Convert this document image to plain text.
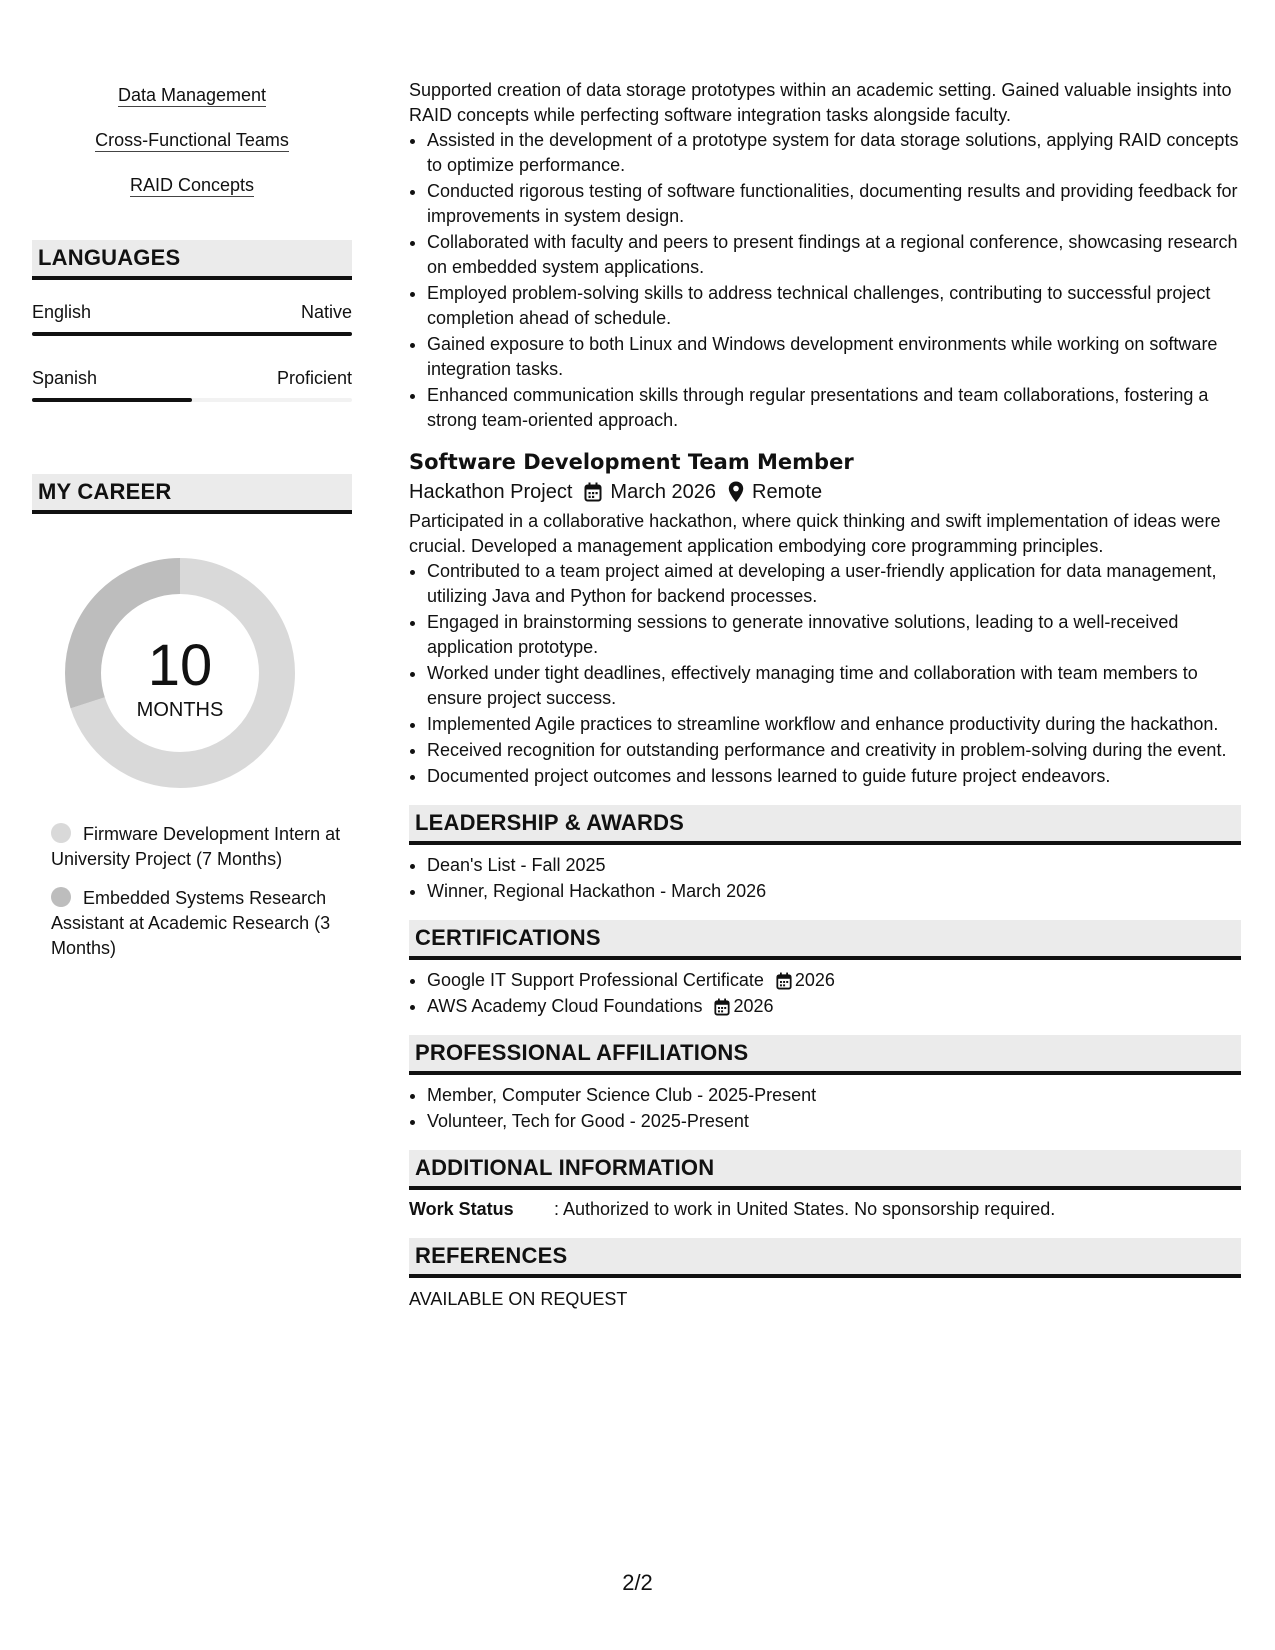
Data Management
Cross-Functional Teams
RAID Concepts
LANGUAGES
English	Native
Spanish	Proficient
MY CAREER
10
MONTHS
Firmware Development Intern at University Project (7 Months)
Embedded Systems Research Assistant at Academic Research (3 Months)
Supported creation of data storage prototypes within an academic setting. Gained valuable insights into RAID concepts while perfecting software integration tasks alongside faculty.
• Assisted in the development of a prototype system for data storage solutions, applying RAID concepts to optimize performance.
• Conducted rigorous testing of software functionalities, documenting results and providing feedback for improvements in system design.
• Collaborated with faculty and peers to present findings at a regional conference, showcasing research on embedded system applications.
• Employed problem-solving skills to address technical challenges, contributing to successful project completion ahead of schedule.
• Gained exposure to both Linux and Windows development environments while working on software integration tasks.
• Enhanced communication skills through regular presentations and team collaborations, fostering a strong team-oriented approach.
Software Development Team Member
Hackathon Project March 2026 Remote
Participated in a collaborative hackathon, where quick thinking and swift implementation of ideas were crucial. Developed a management application embodying core programming principles.
• Contributed to a team project aimed at developing a user-friendly application for data management, utilizing Java and Python for backend processes.
• Engaged in brainstorming sessions to generate innovative solutions, leading to a well-received application prototype.
• Worked under tight deadlines, effectively managing time and collaboration with team members to ensure project success.
• Implemented Agile practices to streamline workflow and enhance productivity during the hackathon.
• Received recognition for outstanding performance and creativity in problem-solving during the event.
• Documented project outcomes and lessons learned to guide future project endeavors.
LEADERSHIP & AWARDS
• Dean's List - Fall 2025
• Winner, Regional Hackathon - March 2026
CERTIFICATIONS
• Google IT Support Professional Certificate 2026
• AWS Academy Cloud Foundations 2026
PROFESSIONAL AFFILIATIONS
• Member, Computer Science Club - 2025-Present
• Volunteer, Tech for Good - 2025-Present
ADDITIONAL INFORMATION
Work Status	: Authorized to work in United States. No sponsorship required.
REFERENCES
AVAILABLE ON REQUEST
2/2
